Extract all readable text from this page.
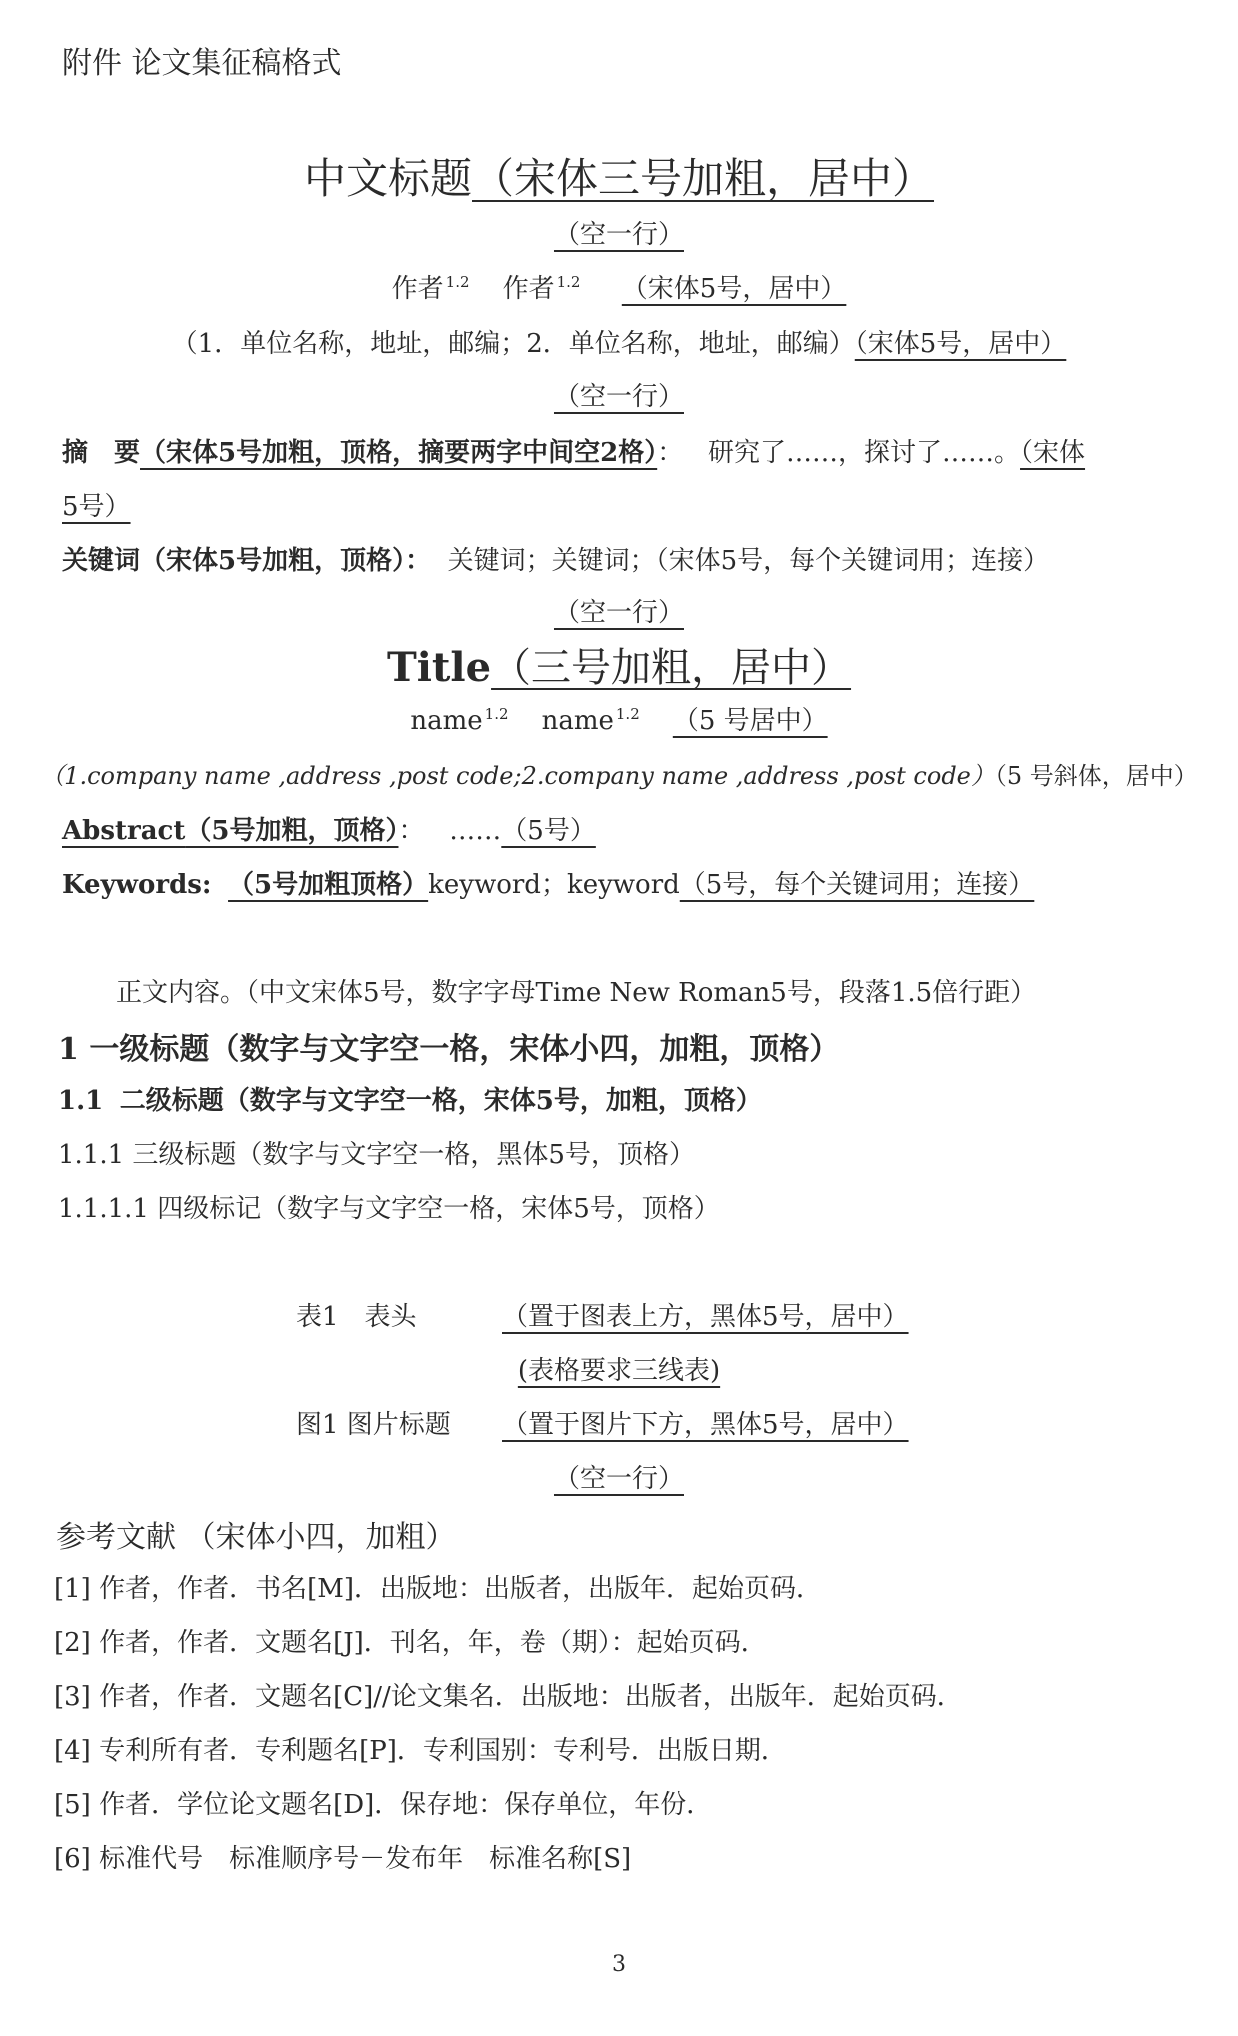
附件 论文集征稿格式
中文标题（宋体三号加粗，居中）
（空一行）
作者 $^{1.2}$ 作者 $^{1.2}$ （宋体5号，居中）
（1．单位名称，地址，邮编；2．单位名称，地址，邮编）（宋体5号，居中）
（空一行）
摘　要（宋体5号加粗，顶格，摘要两字中间空2格）： 研究了……，探讨了……。（宋体
5号）
关键词（宋体5号加粗，顶格）： 关键词；关键词；（宋体5号，每个关键词用；连接）
（空一行）
Title（三号加粗，居中）
name $^{1.2}$ name $^{1.2}$ （5 号居中）
（1.company name ,address ,post code;2.company name ,address ,post code）（5 号斜体，居中）
Abstract（5号加粗，顶格）： ……（5号）
Keywords: （5号加粗顶格）keyword；keyword（5号，每个关键词用；连接）
正文内容。（中文宋体5号，数字字母Time New Roman5号，段落1.5倍行距）
1 一级标题（数字与文字空一格，宋体小四，加粗，顶格）
1.1 二级标题（数字与文字空一格，宋体5号，加粗，顶格）
1.1.1 三级标题（数字与文字空一格，黑体5号，顶格）
1.1.1.1 四级标记（数字与文字空一格，宋体5号，顶格）
表1　表头	（置于图表上方，黑体5号，居中）
(表格要求三线表)
图1 图片标题 （置于图片下方，黑体5号，居中）
（空一行）
参考文献 （宋体小四，加粗）
[1] 作者，作者．书名[M]．出版地：出版者，出版年．起始页码．
[2] 作者，作者．文题名[J]．刊名，年，卷（期）：起始页码．
[3] 作者，作者．文题名[C]//论文集名．出版地：出版者，出版年．起始页码．
[4] 专利所有者．专利题名[P]．专利国别：专利号．出版日期．
[5] 作者．学位论文题名[D]．保存地：保存单位，年份．
[6] 标准代号　标准顺序号－发布年　标准名称[S]
3
